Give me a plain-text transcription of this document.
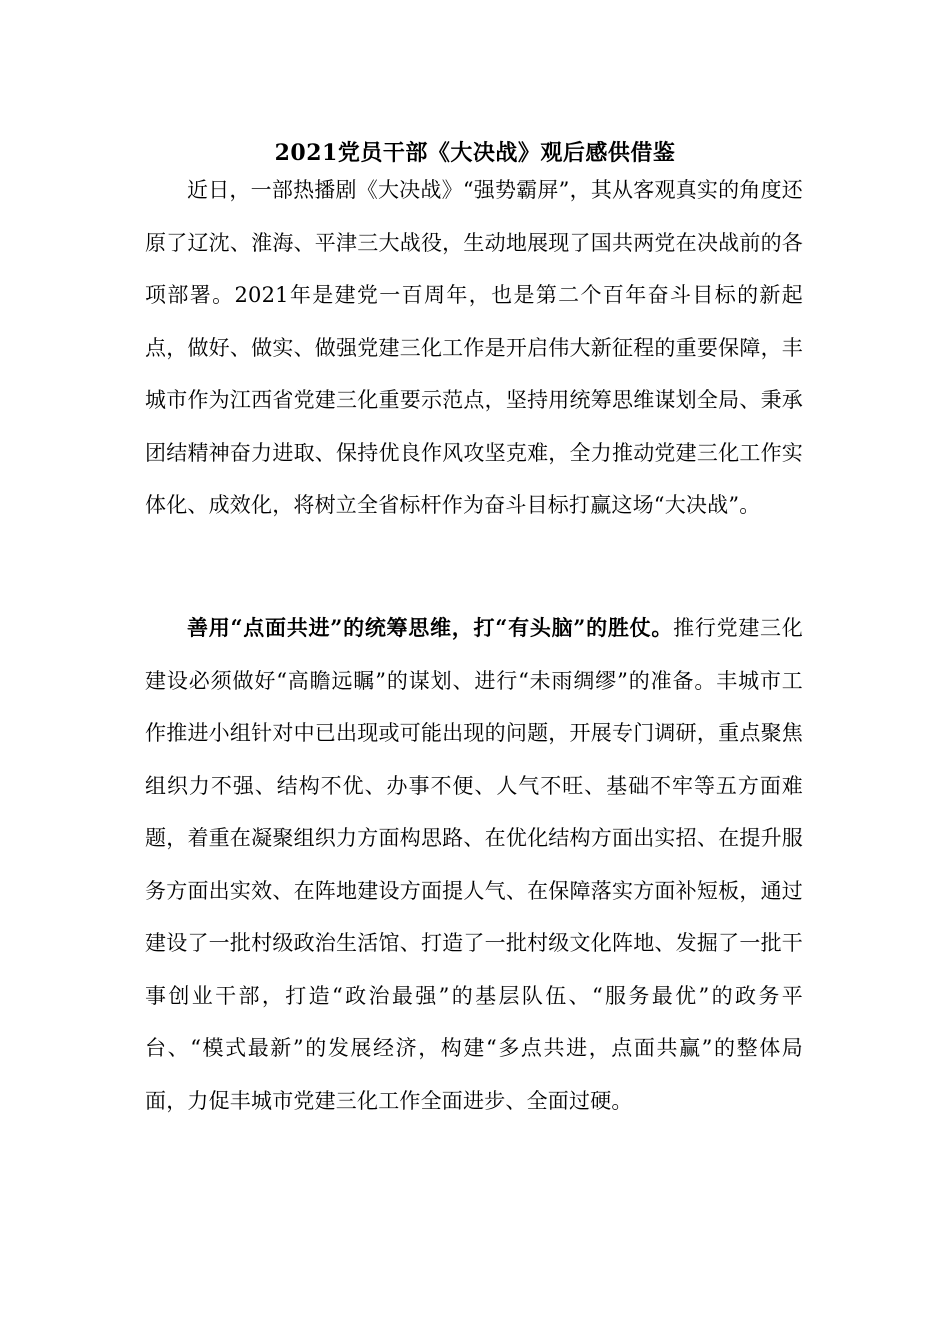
2021党员干部《大决战》观后感供借鉴

近日，一部热播剧《大决战》“强势霸屏”，其从客观真实的角度还原了辽沈、淮海、平津三大战役，生动地展现了国共两党在决战前的各项部署。2021年是建党一百周年，也是第二个百年奋斗目标的新起点，做好、做实、做强党建三化工作是开启伟大新征程的重要保障，丰城市作为江西省党建三化重要示范点，坚持用统筹思维谋划全局、秉承团结精神奋力进取、保持优良作风攻坚克难，全力推动党建三化工作实体化、成效化，将树立全省标杆作为奋斗目标打赢这场“大决战”。

善用“点面共进”的统筹思维，打“有头脑”的胜仗。推行党建三化建设必须做好“高瞻远瞩”的谋划、进行“未雨绸缪”的准备。丰城市工作推进小组针对中已出现或可能出现的问题，开展专门调研，重点聚焦组织力不强、结构不优、办事不便、人气不旺、基础不牢等五方面难题，着重在凝聚组织力方面构思路、在优化结构方面出实招、在提升服务方面出实效、在阵地建设方面提人气、在保障落实方面补短板，通过建设了一批村级政治生活馆、打造了一批村级文化阵地、发掘了一批干事创业干部，打造“政治最强”的基层队伍、“服务最优”的政务平台、“模式最新”的发展经济，构建“多点共进，点面共赢”的整体局面，力促丰城市党建三化工作全面进步、全面过硬。
